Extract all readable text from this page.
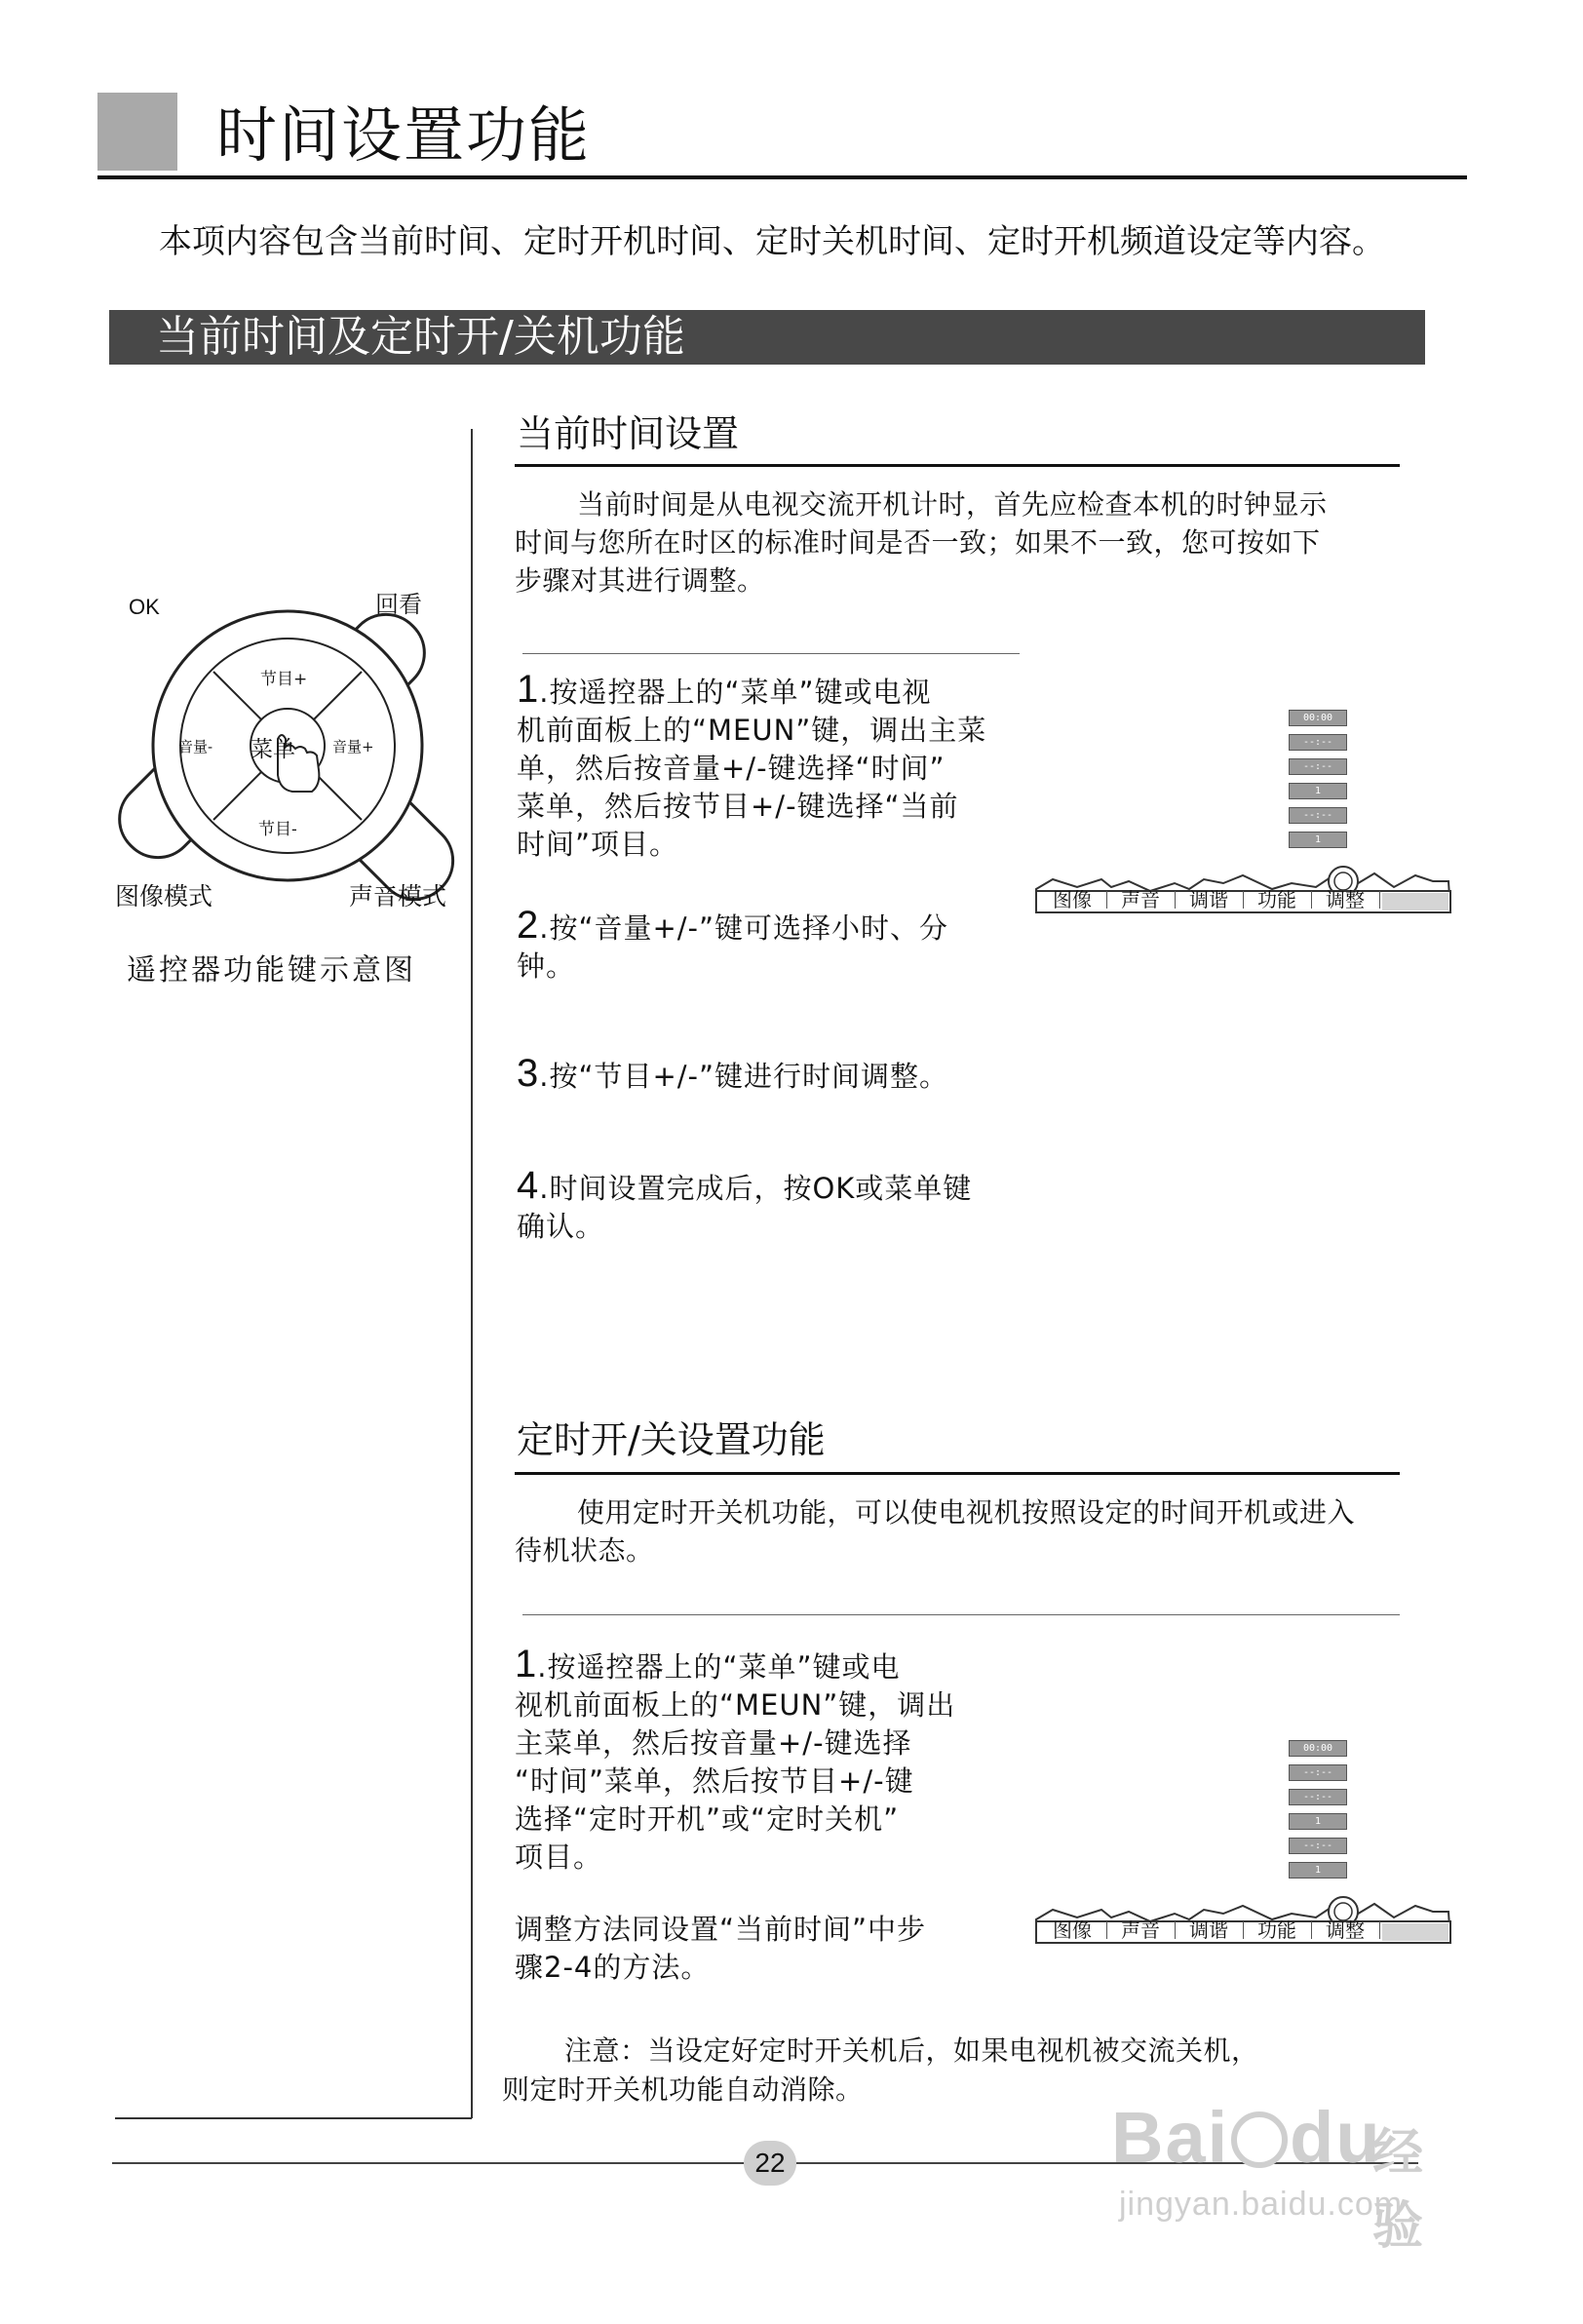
时间设置功能
本项内容包含当前时间、定时开机时间、定时关机时间、定时开机频道设定等内容。
当前时间及定时开/关机功能
OK	回看
节目+
节目-
音量-	音量+
菜单
图像模式	声音模式
遥控器功能键示意图
当前时间设置
当前时间是从电视交流开机计时，首先应检查本机的时钟显示
时间与您所在时区的标准时间是否一致；如果不一致，您可按如下
步骤对其进行调整。
1.按遥控器上的“菜单”键或电视
机前面板上的“MEUN”键，调出主菜
单，然后按音量+/-键选择“时间”
菜单，然后按节目+/-键选择“当前
时间”项目。
2.按“音量+/-”键可选择小时、分
钟。
3.按“节目+/-”键进行时间调整。
4.时间设置完成后，按OK或菜单键
确认。
00:00
--:--
--:--
1
--:--
1
图像	声音	调谐	功能	调整
定时开/关设置功能
使用定时开关机功能，可以使电视机按照设定的时间开机或进入
待机状态。
1.按遥控器上的“菜单”键或电
视机前面板上的“MEUN”键，调出
主菜单，然后按音量+/-键选择
“时间”菜单，然后按节目+/-键
选择“定时开机”或“定时关机”
项目。
调整方法同设置“当前时间”中步
骤2-4的方法。
00:00
--:--
--:--
1
--:--
1
图像	声音	调谐	功能	调整
注意：当设定好定时开关机后，如果电视机被交流关机，
则定时开关机功能自动消除。
22	Bai du
经验
jingyan.baidu.com
